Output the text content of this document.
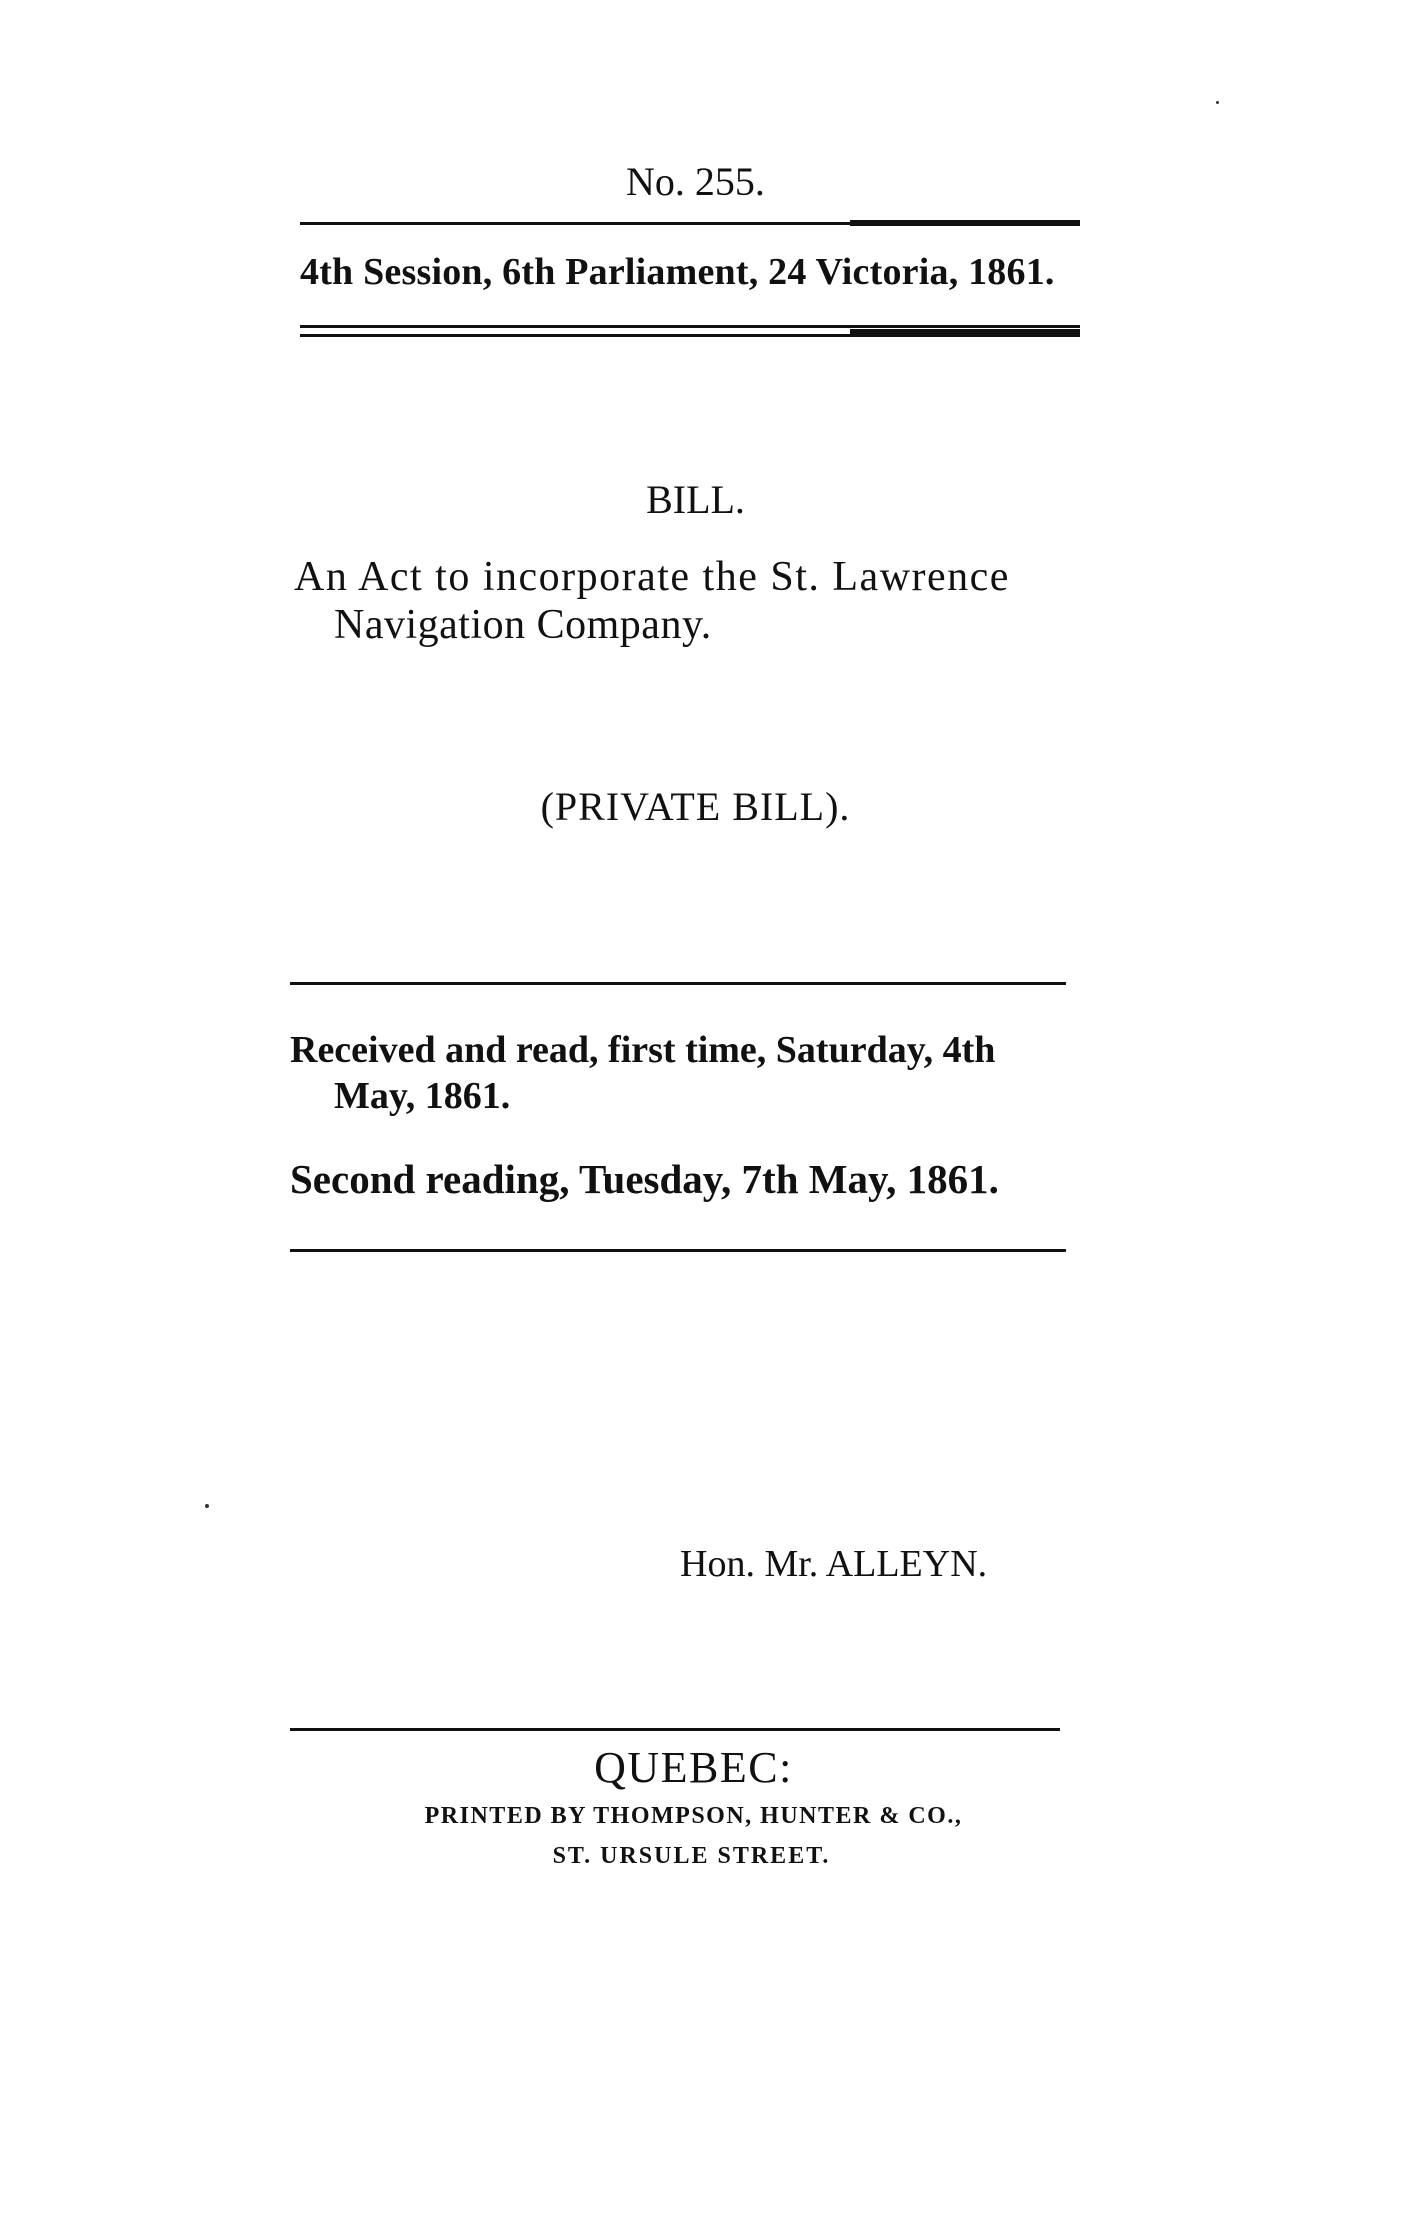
No. 255.
4th Session, 6th Parliament, 24 Victoria, 1861.
BILL.
An Act to incorporate the St. Lawrence
Navigation Company.
(PRIVATE BILL).
Received and read, first time, Saturday, 4th
May, 1861.
Second reading, Tuesday, 7th May, 1861.
Hon. Mr. ALLEYN.
QUEBEC:
PRINTED BY THOMPSON, HUNTER & CO.,
ST. URSULE STREET.
